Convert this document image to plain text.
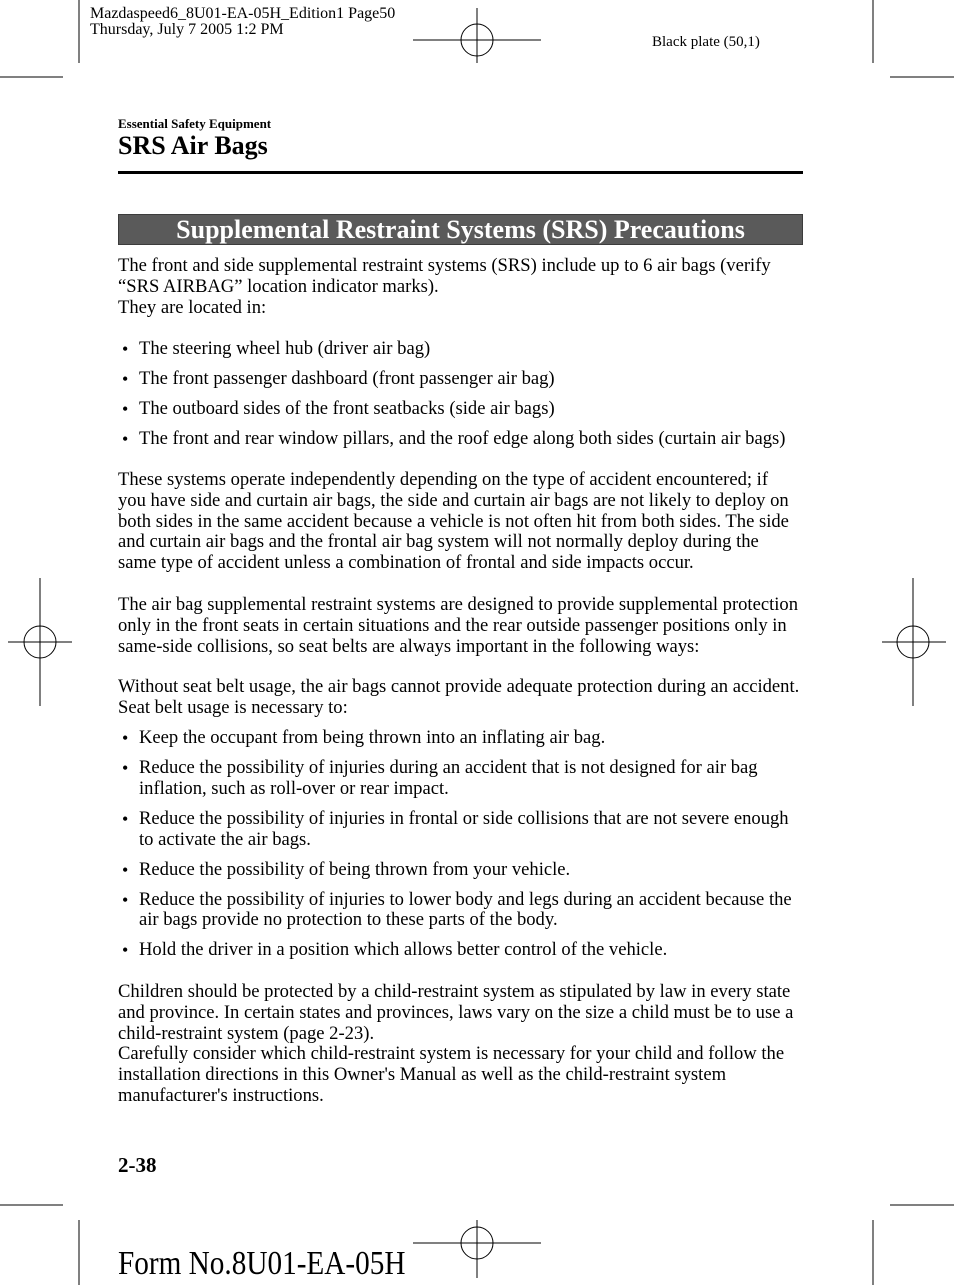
Mazdaspeed6_8U01-EA-05H_Edition1 Page50
Thursday, July 7 2005 1:2 PM
Black plate (50,1)
Essential Safety Equipment
SRS Air Bags
Supplemental Restraint Systems (SRS) Precautions
The front and side supplemental restraint systems (SRS) include up to 6 air bags (verify
“SRS AIRBAG” location indicator marks).
They are located in:
• The steering wheel hub (driver air bag)
• The front passenger dashboard (front passenger air bag)
• The outboard sides of the front seatbacks (side air bags)
• The front and rear window pillars, and the roof edge along both sides (curtain air bags)
These systems operate independently depending on the type of accident encountered; if
you have side and curtain air bags, the side and curtain air bags are not likely to deploy on
both sides in the same accident because a vehicle is not often hit from both sides. The side
and curtain air bags and the frontal air bag system will not normally deploy during the
same type of accident unless a combination of frontal and side impacts occur.
The air bag supplemental restraint systems are designed to provide supplemental protection
only in the front seats in certain situations and the rear outside passenger positions only in
same-side collisions, so seat belts are always important in the following ways:
Without seat belt usage, the air bags cannot provide adequate protection during an accident.
Seat belt usage is necessary to:
• Keep the occupant from being thrown into an inflating air bag.
• Reduce the possibility of injuries during an accident that is not designed for air bag
inflation, such as roll-over or rear impact.
• Reduce the possibility of injuries in frontal or side collisions that are not severe enough
to activate the air bags.
• Reduce the possibility of being thrown from your vehicle.
• Reduce the possibility of injuries to lower body and legs during an accident because the
air bags provide no protection to these parts of the body.
• Hold the driver in a position which allows better control of the vehicle.
Children should be protected by a child-restraint system as stipulated by law in every state
and province. In certain states and provinces, laws vary on the size a child must be to use a
child-restraint system (page 2-23).
Carefully consider which child-restraint system is necessary for your child and follow the
installation directions in this Owner's Manual as well as the child-restraint system
manufacturer's instructions.
2-38
Form No.8U01-EA-05H
